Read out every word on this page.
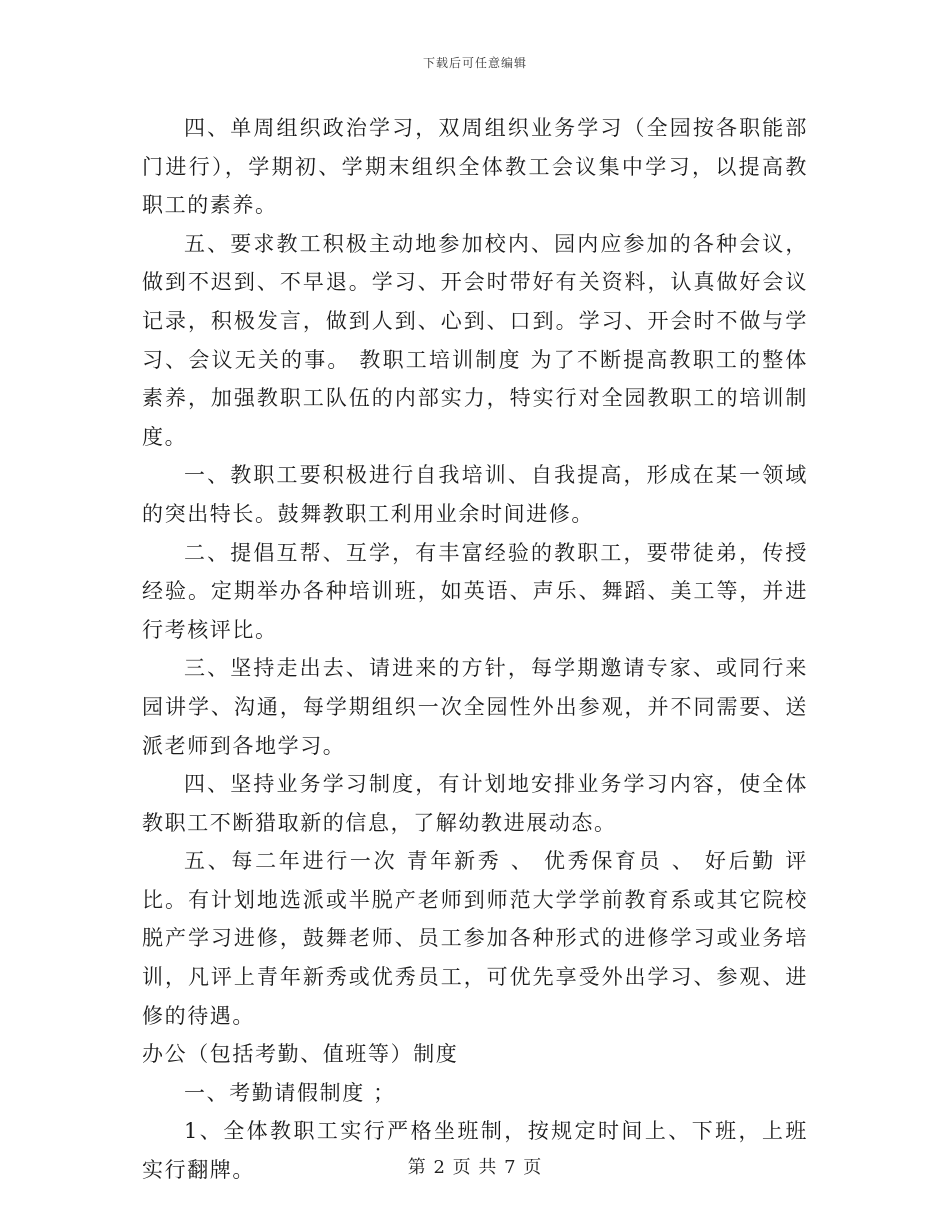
下载后可任意编辑

四、单周组织政治学习，双周组织业务学习（全园按各职能部门进行），学期初、学期末组织全体教工会议集中学习，以提高教职工的素养。

五、要求教工积极主动地参加校内、园内应参加的各种会议，做到不迟到、不早退。学习、开会时带好有关资料，认真做好会议记录，积极发言，做到人到、心到、口到。学习、开会时不做与学习、会议无关的事。 教职工培训制度 为了不断提高教职工的整体素养，加强教职工队伍的内部实力，特实行对全园教职工的培训制度。

一、教职工要积极进行自我培训、自我提高，形成在某一领域的突出特长。鼓舞教职工利用业余时间进修。

二、提倡互帮、互学，有丰富经验的教职工，要带徒弟，传授经验。定期举办各种培训班，如英语、声乐、舞蹈、美工等，并进行考核评比。

三、坚持走出去、请进来的方针，每学期邀请专家、或同行来园讲学、沟通，每学期组织一次全园性外出参观，并不同需要、送派老师到各地学习。

四、坚持业务学习制度，有计划地安排业务学习内容，使全体教职工不断猎取新的信息，了解幼教进展动态。

五、每二年进行一次 青年新秀 、 优秀保育员 、 好后勤 评比。有计划地选派或半脱产老师到师范大学学前教育系或其它院校脱产学习进修，鼓舞老师、员工参加各种形式的进修学习或业务培训，凡评上青年新秀或优秀员工，可优先享受外出学习、参观、进修的待遇。

办公（包括考勤、值班等）制度

一、考勤请假制度 ；

1、全体教职工实行严格坐班制，按规定时间上、下班，上班实行翻牌。	第 2 页 共 7 页
